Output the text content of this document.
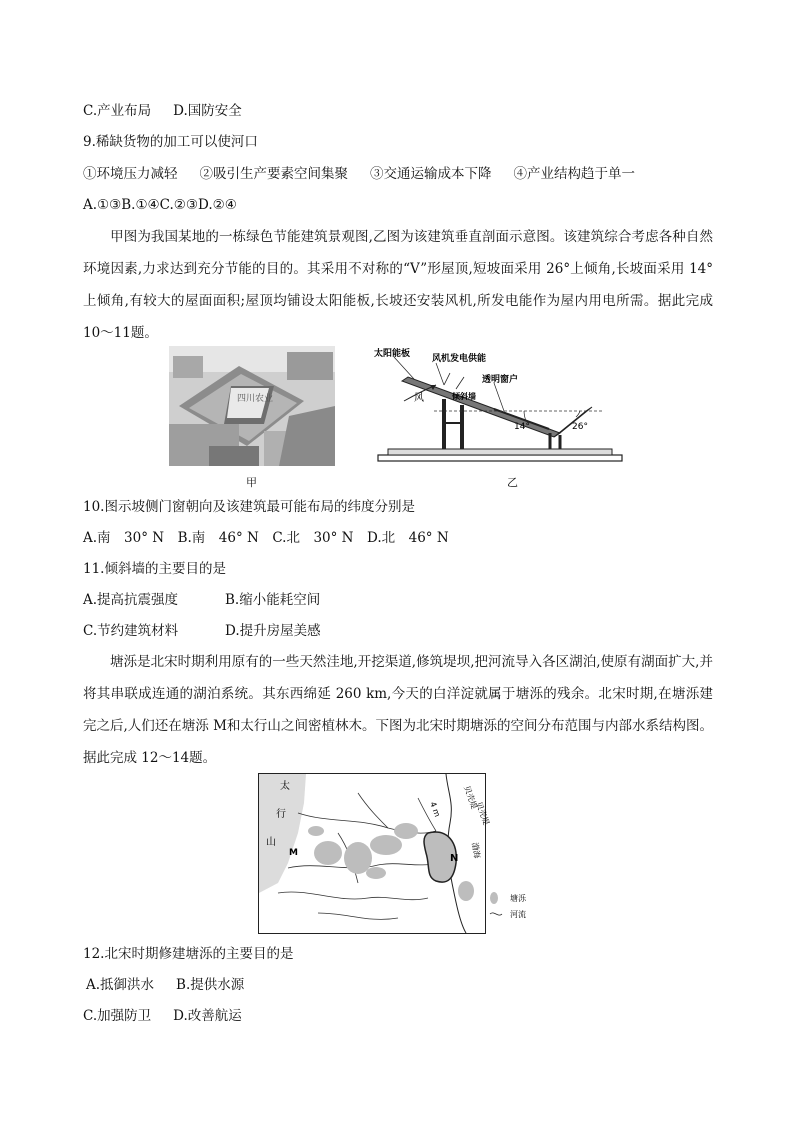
C.产业布局 D.国防安全
9.稀缺货物的加工可以使河口
①环境压力减轻 ②吸引生产要素空间集聚 ③交通运输成本下降 ④产业结构趋于单一
A.①③B.①④C.②③D.②④
甲图为我国某地的一栋绿色节能建筑景观图,乙图为该建筑垂直剖面示意图。该建筑综合考虑各种自然环境因素,力求达到充分节能的目的。其采用不对称的“V”形屋顶,短坡面采用 26°上倾角,长坡面采用 14°上倾角,有较大的屋面面积;屋顶均铺设太阳能板,长坡还安装风机,所发电能作为屋内用电所需。据此完成 10～11题。
四川农业
太阳能板 风机发电供能
透明窗户
风	倾斜墙
14°	26°
甲	乙
10.图示坡侧门窗朝向及该建筑最可能布局的纬度分别是
A.南　30° N　 B.南　46° N　 C.北　30° N　 D.北　46° N
11.倾斜墙的主要目的是
A.提高抗震强度	B.缩小能耗空间
C.节约建筑材料	D.提升房屋美感
塘泺是北宋时期利用原有的一些天然洼地,开挖渠道,修筑堤坝,把河流导入各区湖泊,使原有湖面扩大,并将其串联成连通的湖泊系统。其东西绵延 260 km,今天的白洋淀就属于塘泺的残余。北宋时期,在塘泺建完之后,人们还在塘泺 M和太行山之间密植林木。下图为北宋时期塘泺的空间分布范围与内部水系结构图。据此完成 12～14题。
太
行
山
M	N
4 m	贝壳堤
贝壳堤
渤海
塘泺
河流
12.北宋时期修建塘泺的主要目的是
A.抵御洪水 B.提供水源
C.加强防卫 D.改善航运
